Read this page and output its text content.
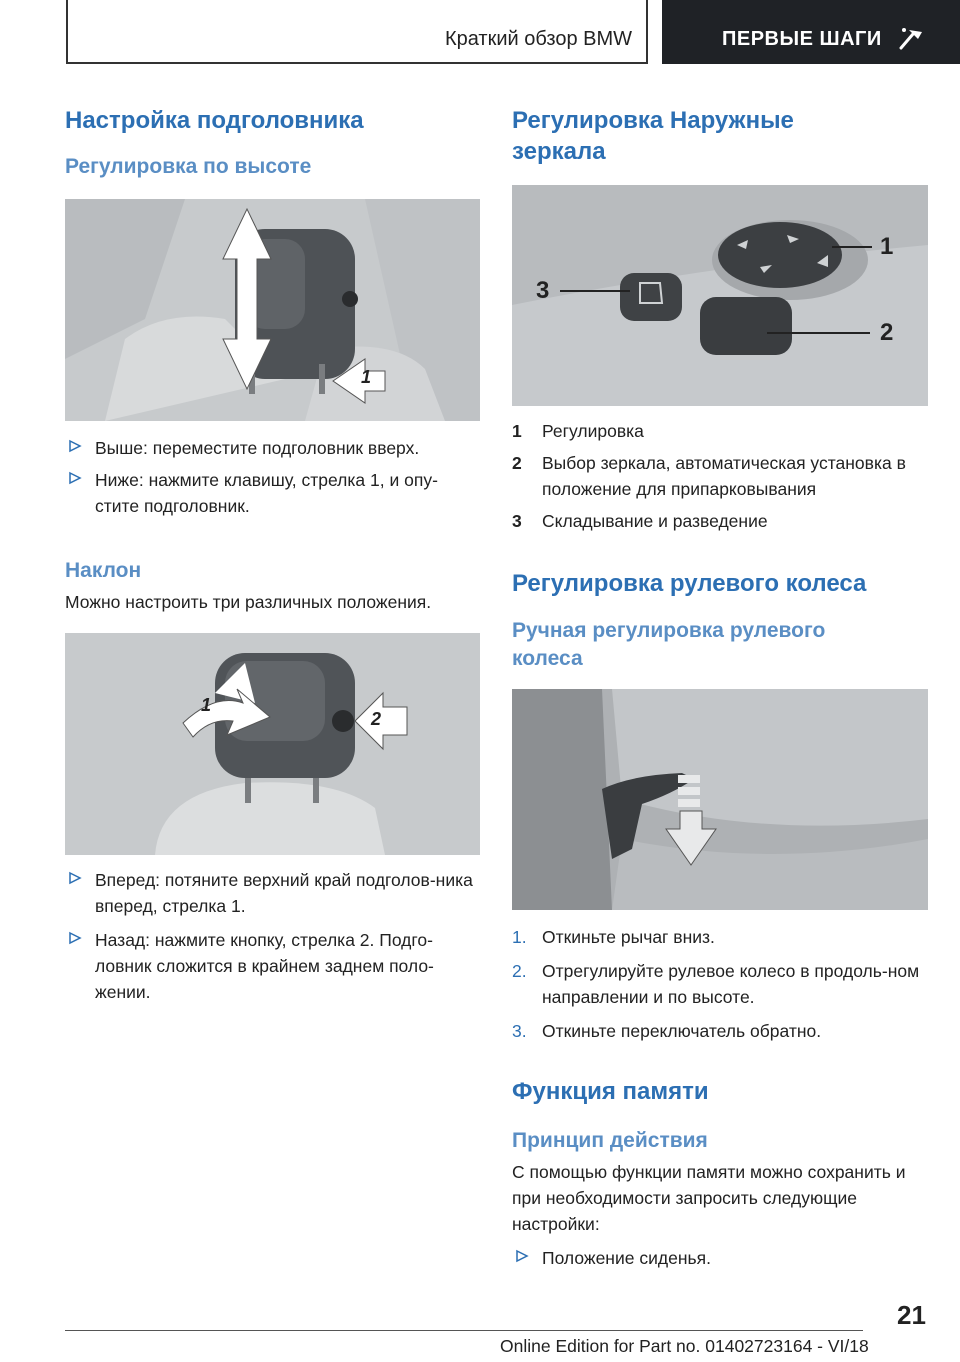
Краткий обзор BMW	ПЕРВЫЕ ШАГИ
Настройка подголовника
Регулировка по высоте
1
Выше: переместите подголовник вверх.
Ниже: нажмите клавишу, стрелка 1, и опу-стите подголовник.
Наклон

Можно настроить три различных положения.

1
2
Вперед: потяните верхний край подголов-ника вперед, стрелка 1.
Назад: нажмите кнопку, стрелка 2. Подго-ловник сложится в крайнем заднем поло-жении.
Регулировка Наружные зеркала
1
2
3
1 Регулировка
2 Выбор зеркала, автоматическая установка в положение для припарковывания
3 Складывание и разведение
Регулировка рулевого колеса
Ручная регулировка рулевого колеса
1. Откиньте рычаг вниз.
2. Отрегулируйте рулевое колесо в продоль-ном направлении и по высоте.
3. Откиньте переключатель обратно.
Функция памяти
Принцип действия

С помощью функции памяти можно сохранить и при необходимости запросить следующие настройки:

Положение сиденья.
21
Online Edition for Part no. 01402723164 - VI/18
